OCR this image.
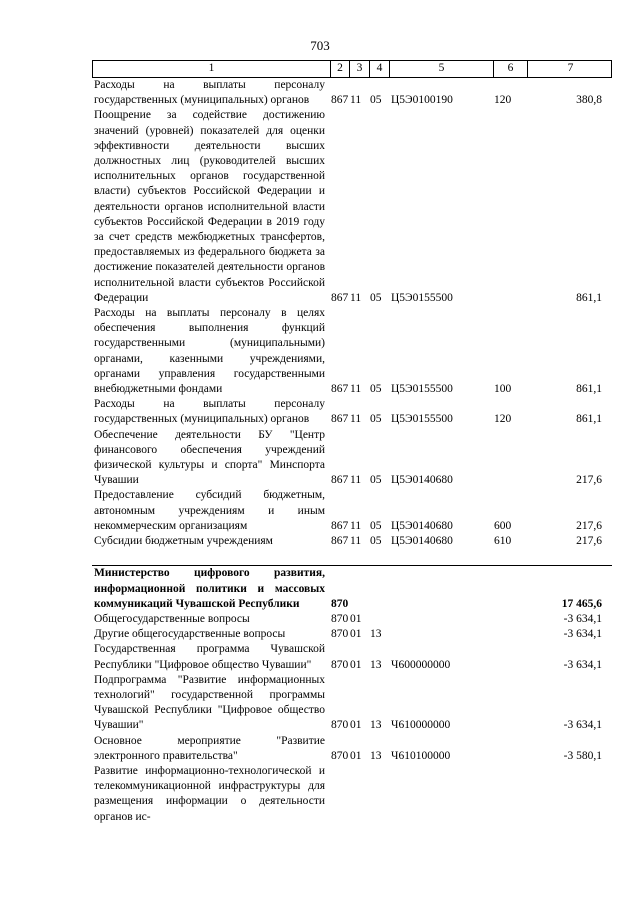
703
1	2	3	4	5	6	7
Расходы на выплаты персоналу государственных (муниципальных) органов	867 11 05 Ц5Э0100190	120	380,8
Поощрение за содействие достижению значений (уровней) показателей для оценки эффективности деятельности высших должностных лиц (руководителей высших исполнительных органов государственной власти) субъектов Российской Федерации и деятельности органов исполнительной власти субъектов Российской Федерации в 2019 году за счет средств межбюджетных трансфертов, предоставляемых из федерального бюджета за достижение показателей деятельности органов исполнительной власти субъектов Российской Федерации	867 11 05 Ц5Э0155500	861,1
Расходы на выплаты персоналу в целях обеспечения выполнения функций государственными (муниципальными) органами, казенными учреждениями, органами управления государственными внебюджетными фондами	867 11 05 Ц5Э0155500	100	861,1
Расходы на выплаты персоналу государственных (муниципальных) органов	867 11 05 Ц5Э0155500	120	861,1
Обеспечение деятельности БУ "Центр финансового обеспечения учреждений физической культуры и спорта" Минспорта Чувашии	867 11 05 Ц5Э0140680	217,6
Предоставление субсидий бюджетным, автономным учреждениям и иным некоммерческим организациям	867 11 05 Ц5Э0140680	600	217,6
Субсидии бюджетным учреждениям	867 11 05 Ц5Э0140680	610	217,6
Министерство цифрового развития, информационной политики и массовых коммуникаций Чувашской Республики	870	17 465,6
Общегосударственные вопросы	870 01	-3 634,1
Другие общегосударственные вопросы	870 01 13	-3 634,1
Государственная программа Чувашской Республики "Цифровое общество Чувашии"	870 01 13 Ч600000000	-3 634,1
Подпрограмма "Развитие информационных технологий" государственной программы Чувашской Республики "Цифровое общество Чувашии"	870 01 13 Ч610000000	-3 634,1
Основное мероприятие "Развитие электронного правительства"	870 01 13 Ч610100000	-3 580,1
Развитие информационно-технологической и телекоммуникационной инфраструктуры для размещения информации о деятельности органов ис-
